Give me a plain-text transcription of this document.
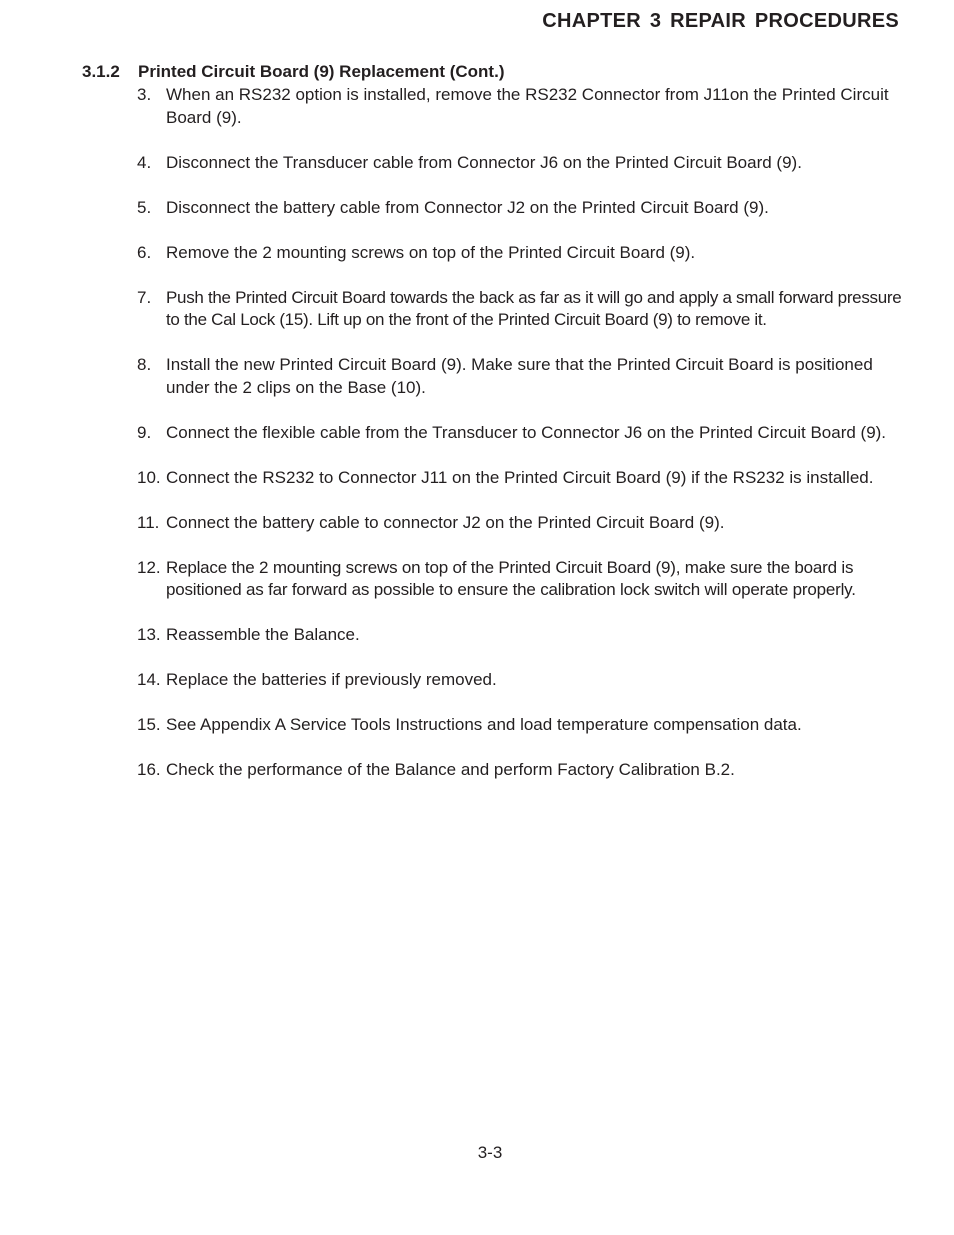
CHAPTER 3 REPAIR PROCEDURES
3.1.2 Printed Circuit Board (9) Replacement (Cont.)
3. When an RS232 option is installed, remove the RS232 Connector from J11on the Printed Circuit Board (9).
4. Disconnect the Transducer cable from Connector J6 on the Printed Circuit Board (9).
5. Disconnect the battery cable from Connector J2 on the Printed Circuit Board (9).
6. Remove the 2 mounting screws on top of the Printed Circuit Board (9).
7. Push the Printed Circuit Board towards the back as far as it will go and apply a small forward pressure to the Cal Lock (15). Lift up on the front of the Printed Circuit Board (9) to remove it.
8. Install the new Printed Circuit Board (9). Make sure that the Printed Circuit Board is positioned under the 2 clips on the Base (10).
9. Connect the flexible cable from the Transducer to Connector J6 on the Printed Circuit Board (9).
10. Connect the RS232 to Connector J11 on the Printed Circuit Board (9) if the RS232 is installed.
11. Connect the battery cable to connector J2 on the Printed Circuit Board (9).
12. Replace the 2 mounting screws on top of the Printed Circuit Board (9), make sure the board is positioned as far forward as possible to ensure the calibration lock switch will operate properly.
13. Reassemble the Balance.
14. Replace the batteries if previously removed.
15. See Appendix A Service Tools Instructions and load temperature compensation data.
16. Check the performance of the Balance and perform Factory Calibration B.2.
3-3
